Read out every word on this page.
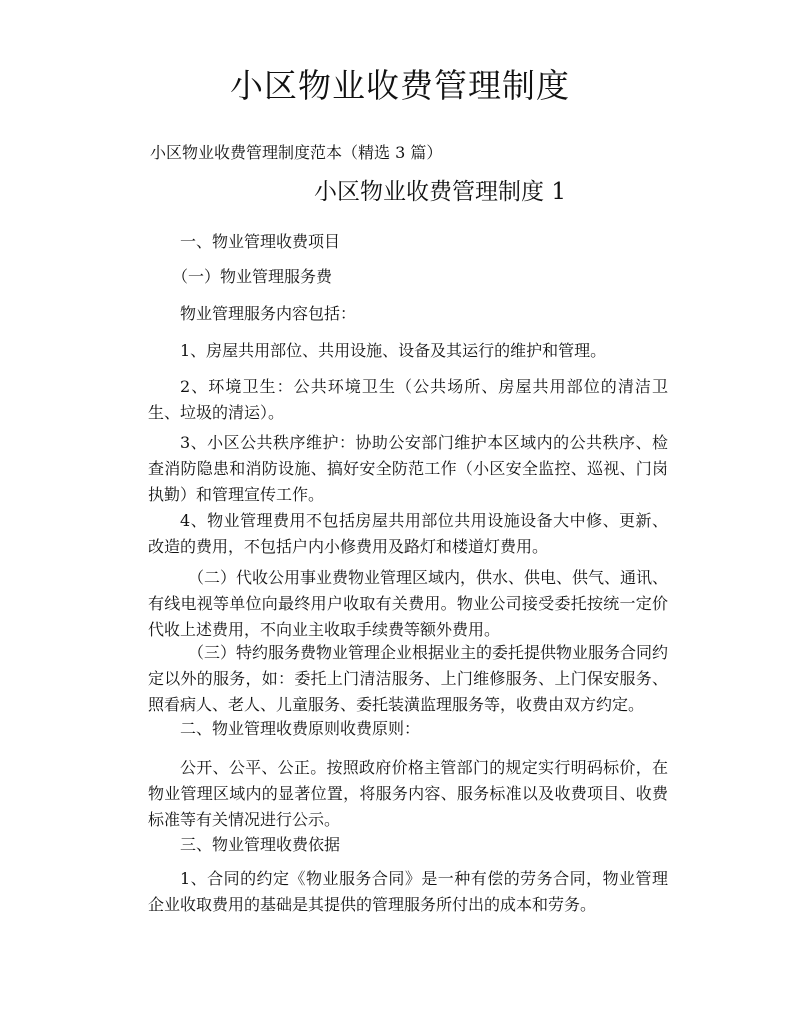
小区物业收费管理制度
小区物业收费管理制度范本（精选 3 篇）
小区物业收费管理制度 1

一、物业管理收费项目

（一）物业管理服务费

物业管理服务内容包括：

1、房屋共用部位、共用设施、设备及其运行的维护和管理。

2、环境卫生：公共环境卫生（公共场所、房屋共用部位的清洁卫生、垃圾的清运）。

3、小区公共秩序维护：协助公安部门维护本区域内的公共秩序、检查消防隐患和消防设施、搞好安全防范工作（小区安全监控、巡视、门岗执勤）和管理宣传工作。

4、物业管理费用不包括房屋共用部位共用设施设备大中修、更新、改造的费用，不包括户内小修费用及路灯和楼道灯费用。

（二）代收公用事业费物业管理区域内，供水、供电、供气、通讯、有线电视等单位向最终用户收取有关费用。物业公司接受委托按统一定价代收上述费用，不向业主收取手续费等额外费用。

（三）特约服务费物业管理企业根据业主的委托提供物业服务合同约定以外的服务，如：委托上门清洁服务、上门维修服务、上门保安服务、照看病人、老人、儿童服务、委托装潢监理服务等，收费由双方约定。

二、物业管理收费原则收费原则：

公开、公平、公正。按照政府价格主管部门的规定实行明码标价，在物业管理区域内的显著位置，将服务内容、服务标准以及收费项目、收费标准等有关情况进行公示。

三、物业管理收费依据

1、合同的约定《物业服务合同》是一种有偿的劳务合同，物业管理企业收取费用的基础是其提供的管理服务所付出的成本和劳务。
